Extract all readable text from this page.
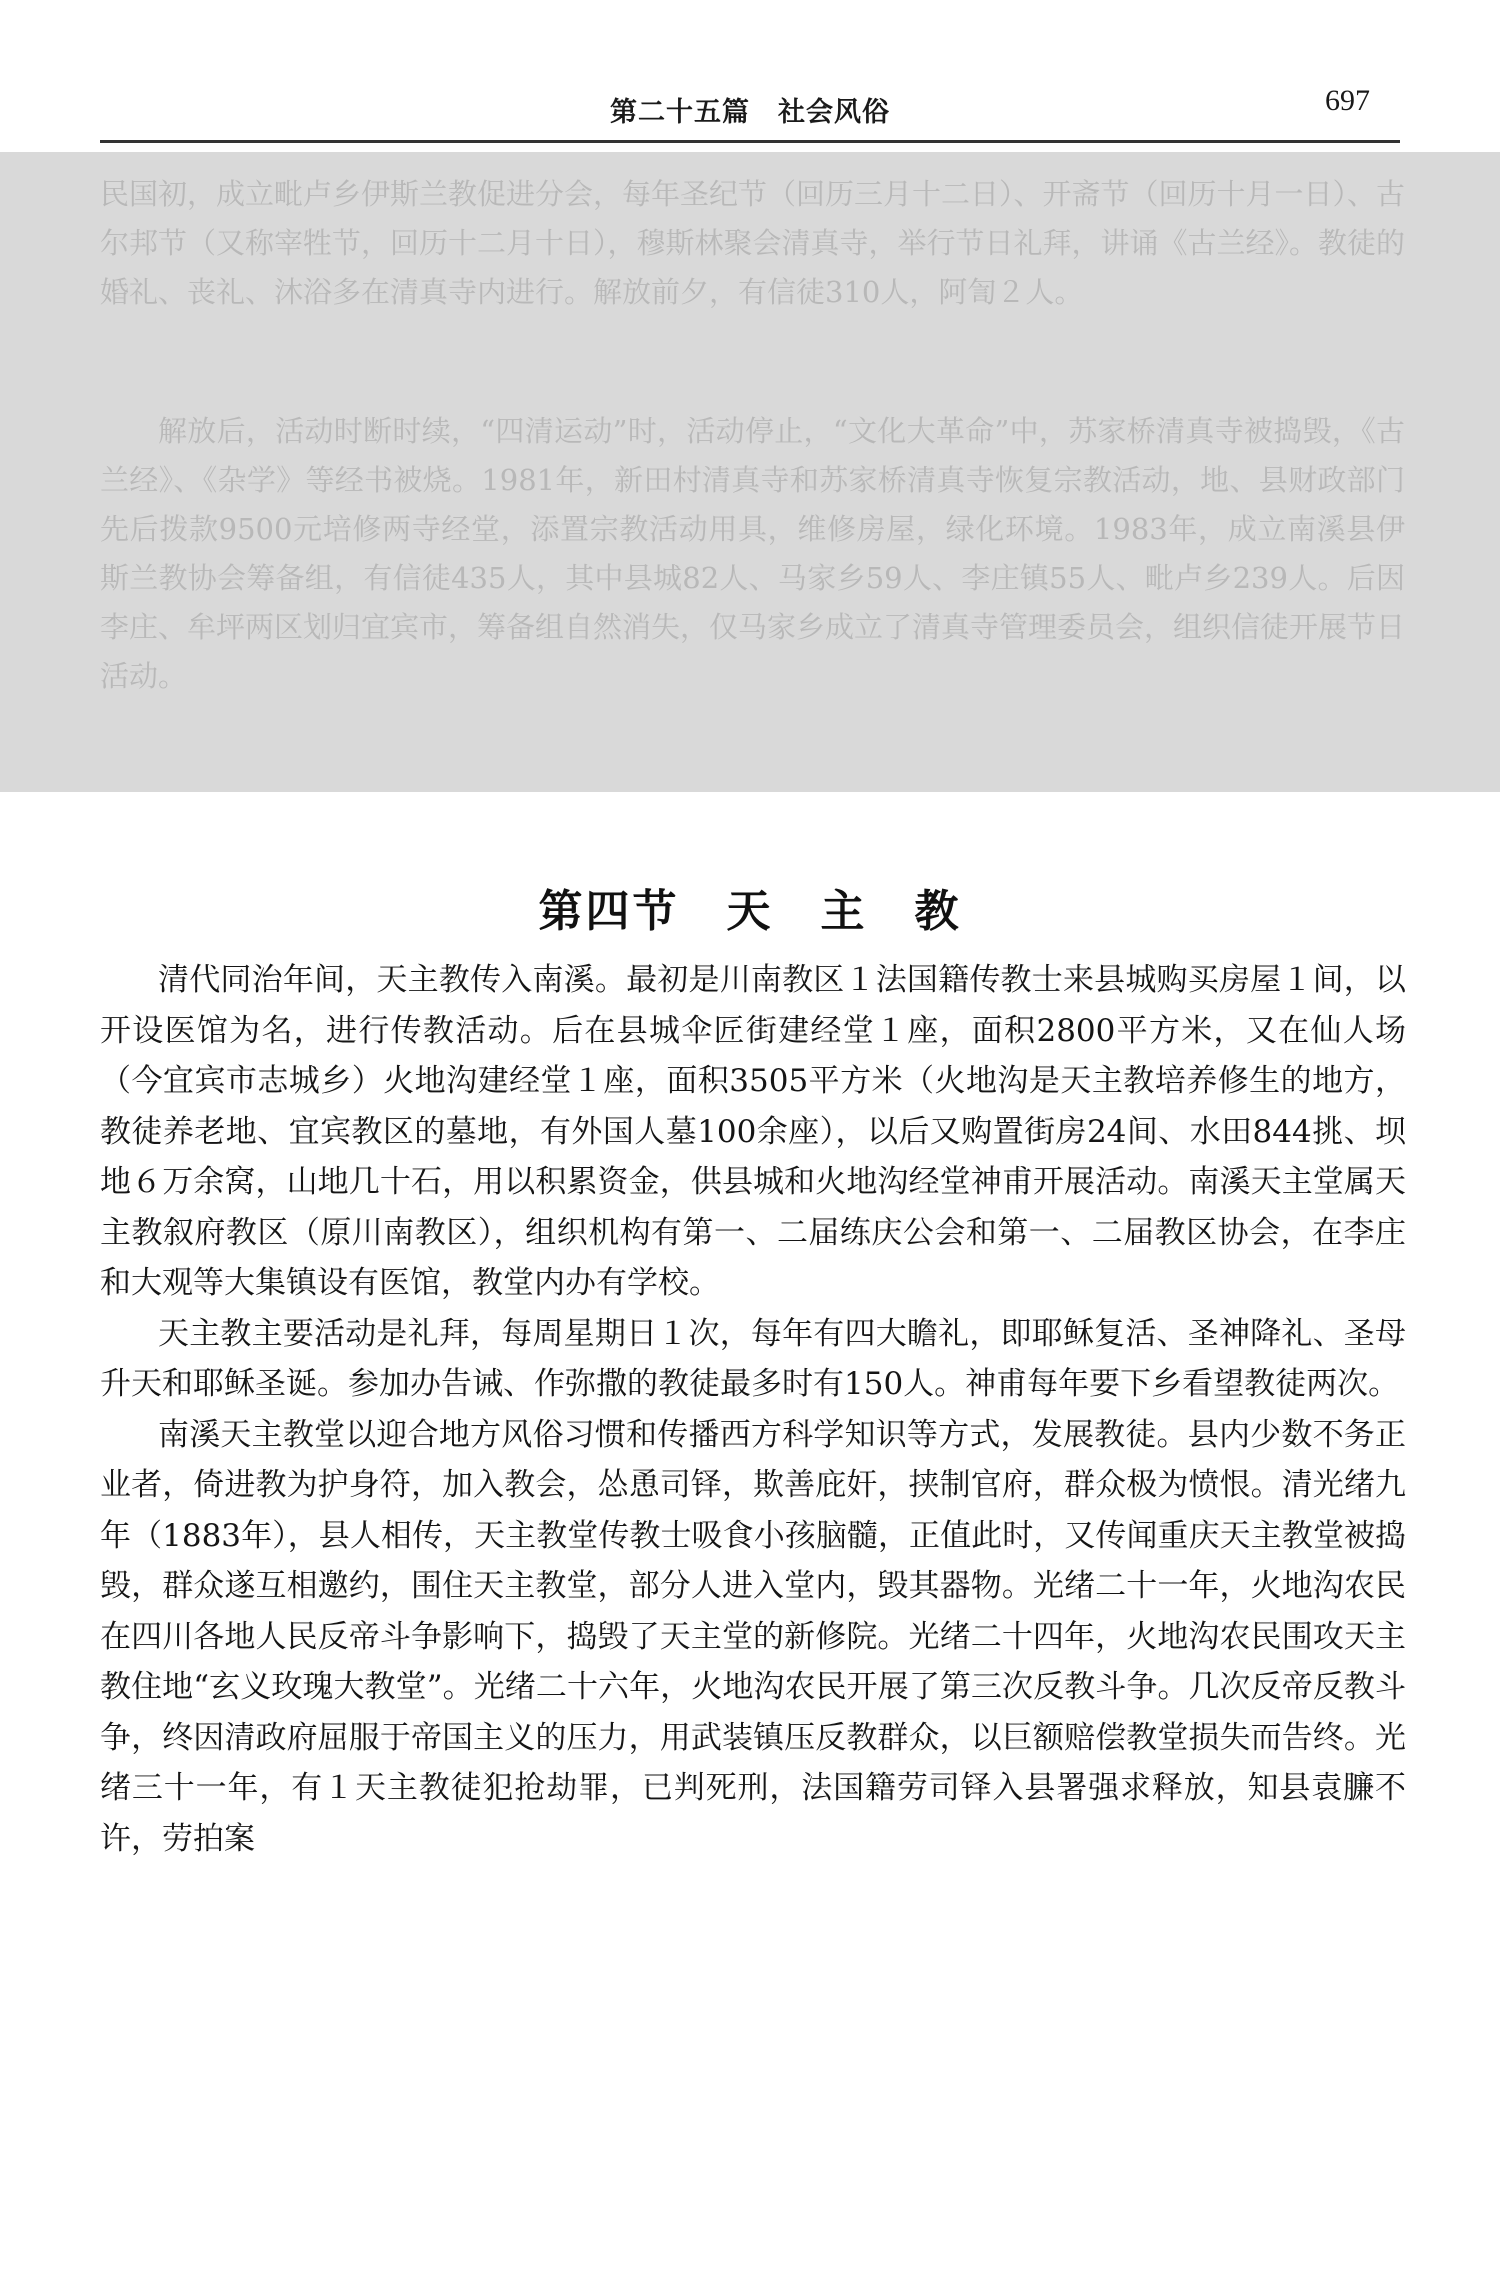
第二十五篇　社会风俗	697

民国初，成立毗卢乡伊斯兰教促进分会，每年圣纪节（回历三月十二日）、开斋节（回历十月一日）、古尔邦节（又称宰牲节，回历十二月十日），穆斯林聚会清真寺，举行节日礼拜，讲诵《古兰经》。教徒的婚礼、丧礼、沐浴多在清真寺内进行。解放前夕，有信徒310人，阿訇２人。

解放后，活动时断时续，“四清运动”时，活动停止，“文化大革命”中，苏家桥清真寺被捣毁，《古兰经》、《杂学》等经书被烧。1981年，新田村清真寺和苏家桥清真寺恢复宗教活动，地、县财政部门先后拨款9500元培修两寺经堂，添置宗教活动用具，维修房屋，绿化环境。1983年，成立南溪县伊斯兰教协会筹备组，有信徒435人，其中县城82人、马家乡59人、李庄镇55人、毗卢乡239人。后因李庄、牟坪两区划归宜宾市，筹备组自然消失，仅马家乡成立了清真寺管理委员会，组织信徒开展节日活动。

第四节　天　主　教

清代同治年间，天主教传入南溪。最初是川南教区１法国籍传教士来县城购买房屋１间，以开设医馆为名，进行传教活动。后在县城伞匠街建经堂１座，面积2800平方米，又在仙人场（今宜宾市志城乡）火地沟建经堂１座，面积3505平方米（火地沟是天主教培养修生的地方，教徒养老地、宜宾教区的墓地，有外国人墓100余座），以后又购置街房24间、水田844挑、坝地６万余窝，山地几十石，用以积累资金，供县城和火地沟经堂神甫开展活动。南溪天主堂属天主教叙府教区（原川南教区），组织机构有第一、二届练庆公会和第一、二届教区协会，在李庄和大观等大集镇设有医馆，教堂内办有学校。

天主教主要活动是礼拜，每周星期日１次，每年有四大瞻礼，即耶稣复活、圣神降礼、圣母升天和耶稣圣诞。参加办告诫、作弥撒的教徒最多时有150人。神甫每年要下乡看望教徒两次。

南溪天主教堂以迎合地方风俗习惯和传播西方科学知识等方式，发展教徒。县内少数不务正业者，倚进教为护身符，加入教会，怂恿司铎，欺善庇奸，挟制官府，群众极为愤恨。清光绪九年（1883年），县人相传，天主教堂传教士吸食小孩脑髓，正值此时，又传闻重庆天主教堂被捣毁，群众遂互相邀约，围住天主教堂，部分人进入堂内，毁其器物。光绪二十一年，火地沟农民在四川各地人民反帝斗争影响下，捣毁了天主堂的新修院。光绪二十四年，火地沟农民围攻天主教住地“玄义玫瑰大教堂”。光绪二十六年，火地沟农民开展了第三次反教斗争。几次反帝反教斗争，终因清政府屈服于帝国主义的压力，用武装镇压反教群众，以巨额赔偿教堂损失而告终。光绪三十一年，有１天主教徒犯抢劫罪，已判死刑，法国籍劳司铎入县署强求释放，知县袁臁不许，劳拍案
